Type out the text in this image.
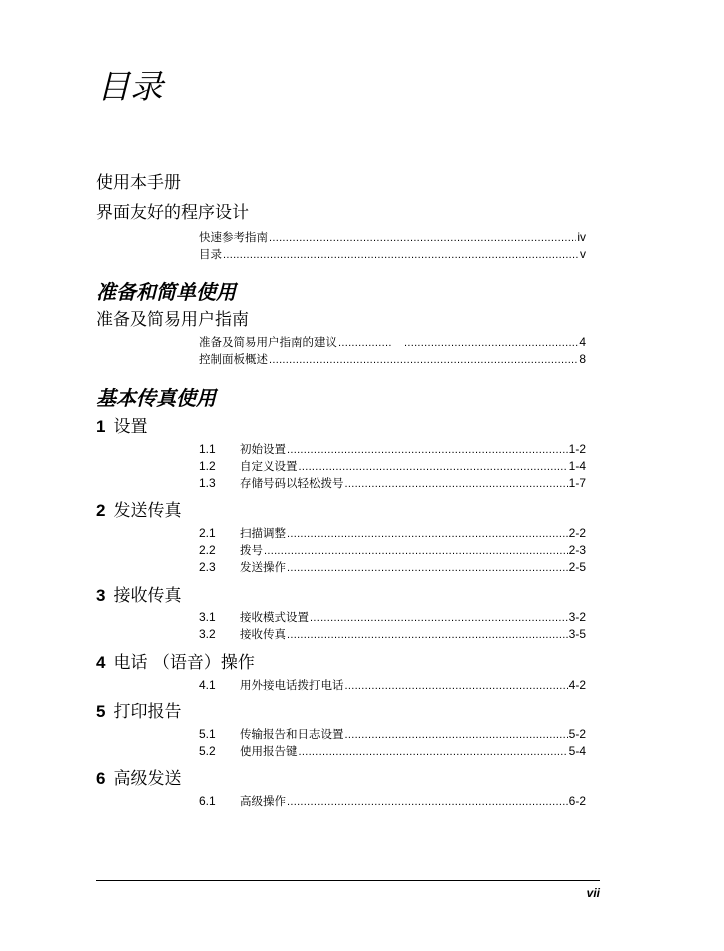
目录
使用本手册
界面友好的程序设计
快速参考指南 .....	iv
目录 .....	v
准备和简单使用
准备及简易用户指南
准备及简易用户指南的建议 ..... .....	4
控制面板概述 .....	8
基本传真使用
1 设置
1.1	初始设置 .....	1-2
1.2	自定义设置 .....	1-4
1.3	存储号码以轻松拨号 .....	1-7
2 发送传真
2.1	扫描调整 .....	2-2
2.2	拨号 .....	2-3
2.3	发送操作 .....	2-5
3 接收传真
3.1	接收模式设置 .....	3-2
3.2	接收传真 .....	3-5
4 电话 （语音）操作
4.1	用外接电话拨打电话 .....	4-2
5 打印报告
5.1	传输报告和日志设置 .....	5-2
5.2	使用报告键 .....	5-4
6 高级发送
6.1	高级操作 .....	6-2
vii
